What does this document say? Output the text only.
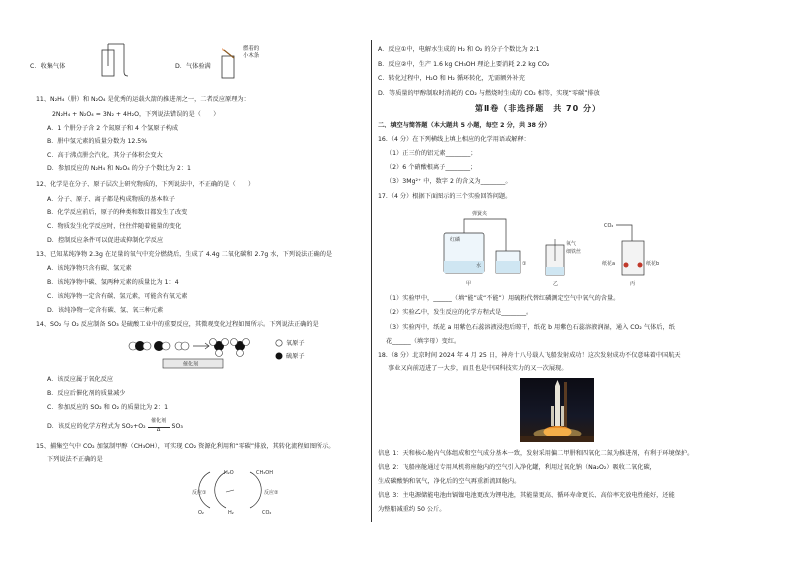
C．收集气体
燃着的
小木条
D．气体验满
11、N₂H₄（肼）和 N₂O₄ 是优秀的运载火箭的推进剂之一，二者反应原理为：
2N₂H₄ + N₂O₄ = 3N₂ + 4H₂O，下列说法错误的是（　　）
A．1 个肼分子含 2 个氮原子和 4 个氢原子构成
B．肼中氢元素的质量分数为 12.5%
C．高于沸点肼会汽化，其分子体积会变大
D．参加反应的 N₂H₄ 和 N₂O₄ 的分子个数比为 2：1
12、化学是在分子、原子层次上研究物质的，下列说法中，不正确的是（　　）
A．分子、原子、离子都是构成物质的基本粒子
B．化学反应前后，原子的种类和数目都发生了改变
C．物质发生化学反应时，往往伴随着能量的变化
D．控制反应条件可以促进或抑制化学反应
13、已知某纯净物 2.3g 在足量的氧气中充分燃烧后，生成了 4.4g 二氧化碳和 2.7g 水，下列说法正确的是
A．该纯净物只含有碳、氢元素
B．该纯净物中碳、氢两种元素的质量比为 1：4
C．该纯净物一定含有碳、氢元素，可能含有氧元素
D．该纯净物一定含有碳、氢、氧三种元素
14、SO₂ 与 O₂ 反应制备 SO₃ 是硫酸工业中的重要反应，其微观变化过程如图所示。下列说法正确的是
催化剂
氧原子
硫原子
A．该反应属于氧化反应
B．反应后催化剂的质量减少
C．参加反应的 SO₂ 和 O₂ 的质量比为 2：1
D．该反应的化学方程式为 SO₂+O₂
催化剂
Δ	SO₃
15、捕集空气中 CO₂ 加氢制甲醇（CH₃OH），可实现 CO₂ 资源化利用和“零碳”排放，其转化流程如图所示。
下列说法不正确的是
H₂O	CH₃OH
反应①	反应②
O₂	H₂	CO₂
A．反应①中，电解水生成的 H₂ 和 O₂ 的分子个数比为 2:1
B．反应②中，生产 1.6 kg CH₃OH 理论上要消耗 2.2 kg CO₂
C．转化过程中，H₂O 和 H₂ 循环转化，无需额外补充
D．等质量的甲醇制取时消耗的 CO₂ 与燃烧时生成的 CO₂ 相等，实现“零碳”排放
第Ⅱ卷（非选择题　共 70 分）
二、填空与简答题（本大题共 5 小题，每空 2 分，共 38 分）
16.（4 分）在下列横线上填上相应的化学用语或解释：
（1）正三价的铝元素________；
（2）6 个硝酸根离子________；
（3）3Mg²⁺ 中，数字 2 的含义为________。
17.（4 分）根据下面图示的三个实验回答问题。
弹簧夹
红磷
水	①
甲
氧气
细铁丝
乙
CO₂
纸花a	纸花b
丙
（1）实验甲中，______（填“能”或“不能”）用硫粉代替红磷测定空气中氧气的含量。
（2）实验乙中，发生反应的化学方程式是________。
（3）实验丙中，纸花 a 用紫色石蕊溶液浸泡后晾干，纸花 b 用紫色石蕊溶液润湿，通入 CO₂ 气体后，纸
花______（填字母）变红。
18.（8 分）北京时间 2024 年 4 月 25 日，神舟十八号载人飞船发射成功！这次发射成功不仅意味着中国航天
事业又向前迈进了一大步，而且也是中国科技实力的又一次展现。
信息 1：天和核心舱内气体组成和空气成分基本一致，发射采用偏二甲肼和四氧化二氮为推进剂，有利于环境保护。
信息 2：飞船座舱通过专用风机将座舱内的空气引入净化罐，利用过氧化钠（Na₂O₂）吸收二氧化碳，
生成碳酸钠和氧气，净化后的空气再重新流回舱内。
信息 3：主电源储能电池由镉镍电池更改为锂电池，其能量更高、循环寿命更长、高倍率充放电性能好，还能
为整船减重约 50 公斤。
